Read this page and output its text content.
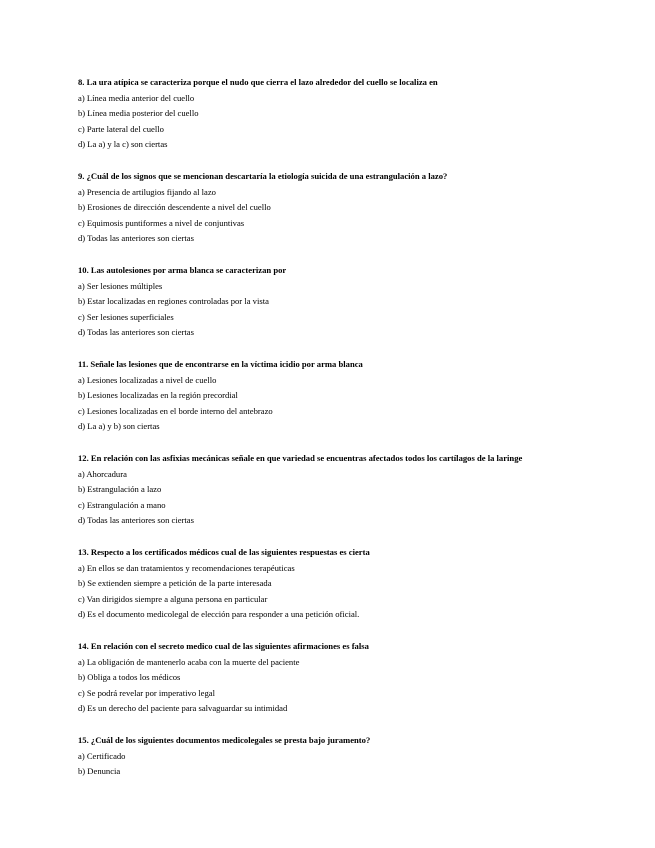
8. La ura atípica se caracteriza porque el nudo que cierra el lazo alrededor del cuello se localiza en

a) Línea media anterior del cuello

b) Línea media posterior del cuello

c) Parte lateral del cuello

d) La a) y la c) son ciertas

9. ¿Cuál de los signos que se mencionan descartaría la etiología suicida de una estrangulación a lazo?

a) Presencia de artilugios fijando al lazo

b) Erosiones de dirección descendente a nivel del cuello

c) Equimosis puntiformes a nivel de conjuntivas

d) Todas las anteriores son ciertas

10. Las autolesiones por arma blanca se caracterizan por

a) Ser lesiones múltiples

b) Estar localizadas en regiones controladas por la vista

c) Ser lesiones superficiales

d) Todas las anteriores son ciertas

11. Señale las lesiones que de encontrarse en la víctima icidio por arma blanca

a) Lesiones localizadas a nivel de cuello

b) Lesiones localizadas en la región precordial

c) Lesiones localizadas en el borde interno del antebrazo

d) La a) y b) son ciertas

12. En relación con las asfixias mecánicas señale en que variedad se encuentras afectados todos los cartílagos de la laringe

a) Ahorcadura

b) Estrangulación a lazo

c) Estrangulación a mano

d) Todas las anteriores son ciertas

13. Respecto a los certificados médicos cual de las siguientes respuestas es cierta

a) En ellos se dan tratamientos y recomendaciones terapéuticas

b) Se extienden siempre a petición de la parte interesada

c) Van dirigidos siempre a alguna persona en particular

d) Es el documento medicolegal de elección para responder a una petición oficial.

14. En relación con el secreto medico cual de las siguientes afirmaciones es falsa

a) La obligación de mantenerlo acaba con la muerte del paciente

b) Obliga a todos los médicos

c) Se podrá revelar por imperativo legal

d) Es un derecho del paciente para salvaguardar su intimidad

15. ¿Cuál de los siguientes documentos medicolegales se presta bajo juramento?

a) Certificado

b) Denuncia
